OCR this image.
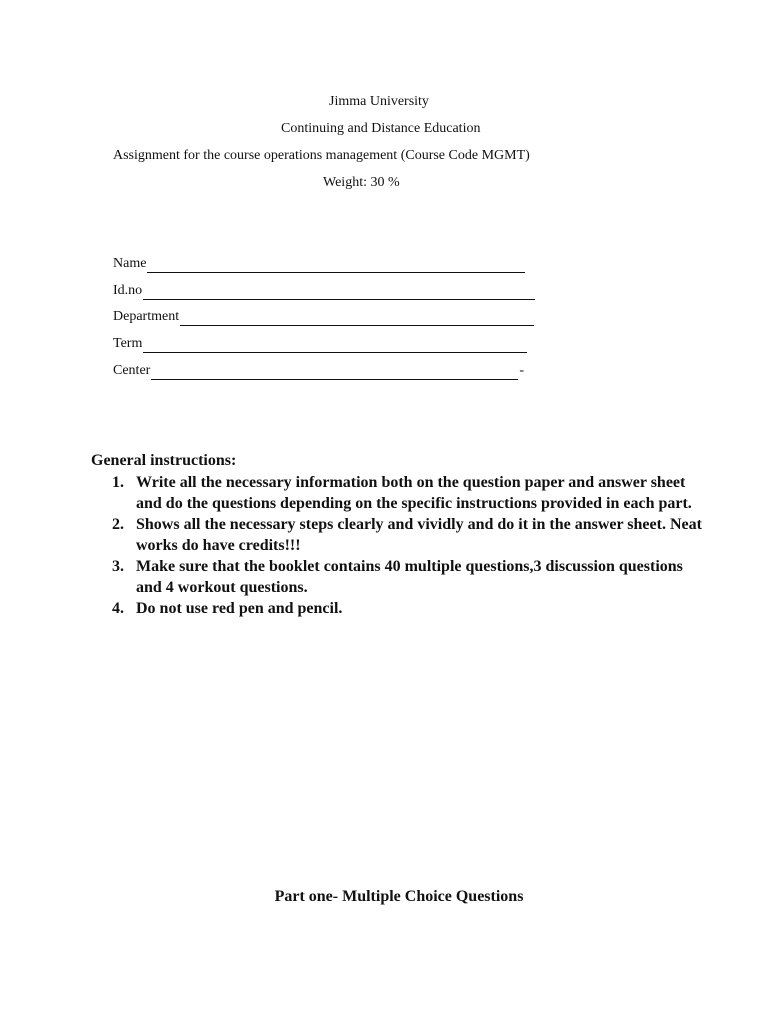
Jimma University
Continuing and Distance Education
Assignment for the course operations management (Course Code MGMT)
Weight: 30 %
Name
Id.no
Department
Term
Center	-
General instructions:
1. Write all the necessary information both on the question paper and answer sheet and do the questions depending on the specific instructions provided in each part.
2. Shows all the necessary steps clearly and vividly and do it in the answer sheet. Neat works do have credits!!!
3. Make sure that the booklet contains 40 multiple questions,3 discussion questions and 4 workout questions.
4. Do not use red pen and pencil.
Part one- Multiple Choice Questions
